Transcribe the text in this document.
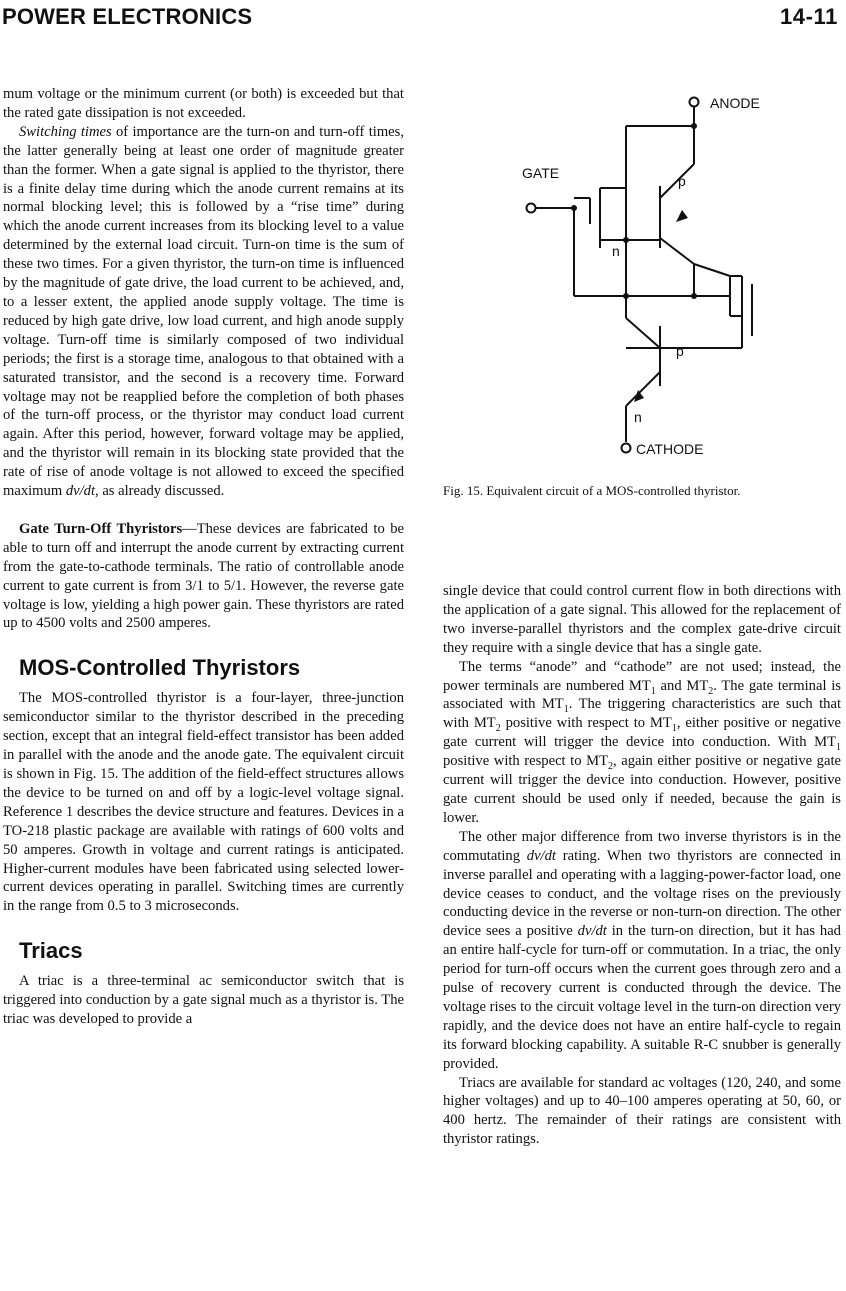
POWER ELECTRONICS	14-11

mum voltage or the minimum current (or both) is exceeded but that the rated gate dissipation is not exceeded.

Switching times of importance are the turn-on and turn-off times, the latter generally being at least one order of magnitude greater than the former. When a gate signal is applied to the thyristor, there is a finite delay time during which the anode current remains at its normal blocking level; this is followed by a “rise time” during which the anode current increases from its blocking level to a value determined by the external load circuit. Turn-on time is the sum of these two times. For a given thyristor, the turn-on time is influenced by the magnitude of gate drive, the load current to be achieved, and, to a lesser extent, the applied anode supply voltage. The time is reduced by high gate drive, low load current, and high anode supply voltage. Turn-off time is similarly composed of two individual periods; the first is a storage time, analogous to that obtained with a saturated transistor, and the second is a recovery time. Forward voltage may not be reapplied before the completion of both phases of the turn-off process, or the thyristor may conduct load current again. After this period, however, forward voltage may be applied, and the thyristor will remain in its blocking state provided that the rate of rise of anode voltage is not allowed to exceed the specified maximum dv/dt, as already discussed.

Gate Turn-Off Thyristors—These devices are fabricated to be able to turn off and interrupt the anode current by extracting current from the gate-to-cathode terminals. The ratio of controllable anode current to gate current is from 3/1 to 5/1. However, the reverse gate voltage is low, yielding a high power gain. These thyristors are rated up to 4500 volts and 2500 amperes.

MOS-Controlled Thyristors

The MOS-controlled thyristor is a four-layer, three-junction semiconductor similar to the thyristor described in the preceding section, except that an integral field-effect transistor has been added in parallel with the anode and the anode gate. The equivalent circuit is shown in Fig. 15. The addition of the field-effect structures allows the device to be turned on and off by a logic-level voltage signal. Reference 1 describes the device structure and features. Devices in a TO-218 plastic package are available with ratings of 600 volts and 50 amperes. Growth in voltage and current ratings is anticipated. Higher-current modules have been fabricated using selected lower-current devices operating in parallel. Switching times are currently in the range from 0.5 to 3 microseconds.

Triacs

A triac is a three-terminal ac semiconductor switch that is triggered into conduction by a gate signal much as a thyristor is. The triac was developed to provide a

ANODE
GATE
CATHODE
p
n
p
n
Fig. 15. Equivalent circuit of a MOS-controlled thyristor.

single device that could control current flow in both directions with the application of a gate signal. This allowed for the replacement of two inverse-parallel thyristors and the complex gate-drive circuit they require with a single device that has a single gate.

The terms “anode” and “cathode” are not used; instead, the power terminals are numbered $MT_1$ and $MT_2$. The gate terminal is associated with $MT_1$. The triggering characteristics are such that with $MT_2$ positive with respect to $MT_1$, either positive or negative gate current will trigger the device into conduction. With $MT_1$ positive with respect to $MT_2$, again either positive or negative gate current will trigger the device into conduction. However, positive gate current should be used only if needed, because the gain is lower.

The other major difference from two inverse thyristors is in the commutating dv/dt rating. When two thyristors are connected in inverse parallel and operating with a lagging-power-factor load, one device ceases to conduct, and the voltage rises on the previously conducting device in the reverse or non-turn-on direction. The other device sees a positive dv/dt in the turn-on direction, but it has had an entire half-cycle for turn-off or commutation. In a triac, the only period for turn-off occurs when the current goes through zero and a pulse of recovery current is conducted through the device. The voltage rises to the circuit voltage level in the turn-on direction very rapidly, and the device does not have an entire half-cycle to regain its forward blocking capability. A suitable R-C snubber is generally provided.

Triacs are available for standard ac voltages (120, 240, and some higher voltages) and up to 40–100 amperes operating at 50, 60, or 400 hertz. The remainder of their ratings are consistent with thyristor ratings.
